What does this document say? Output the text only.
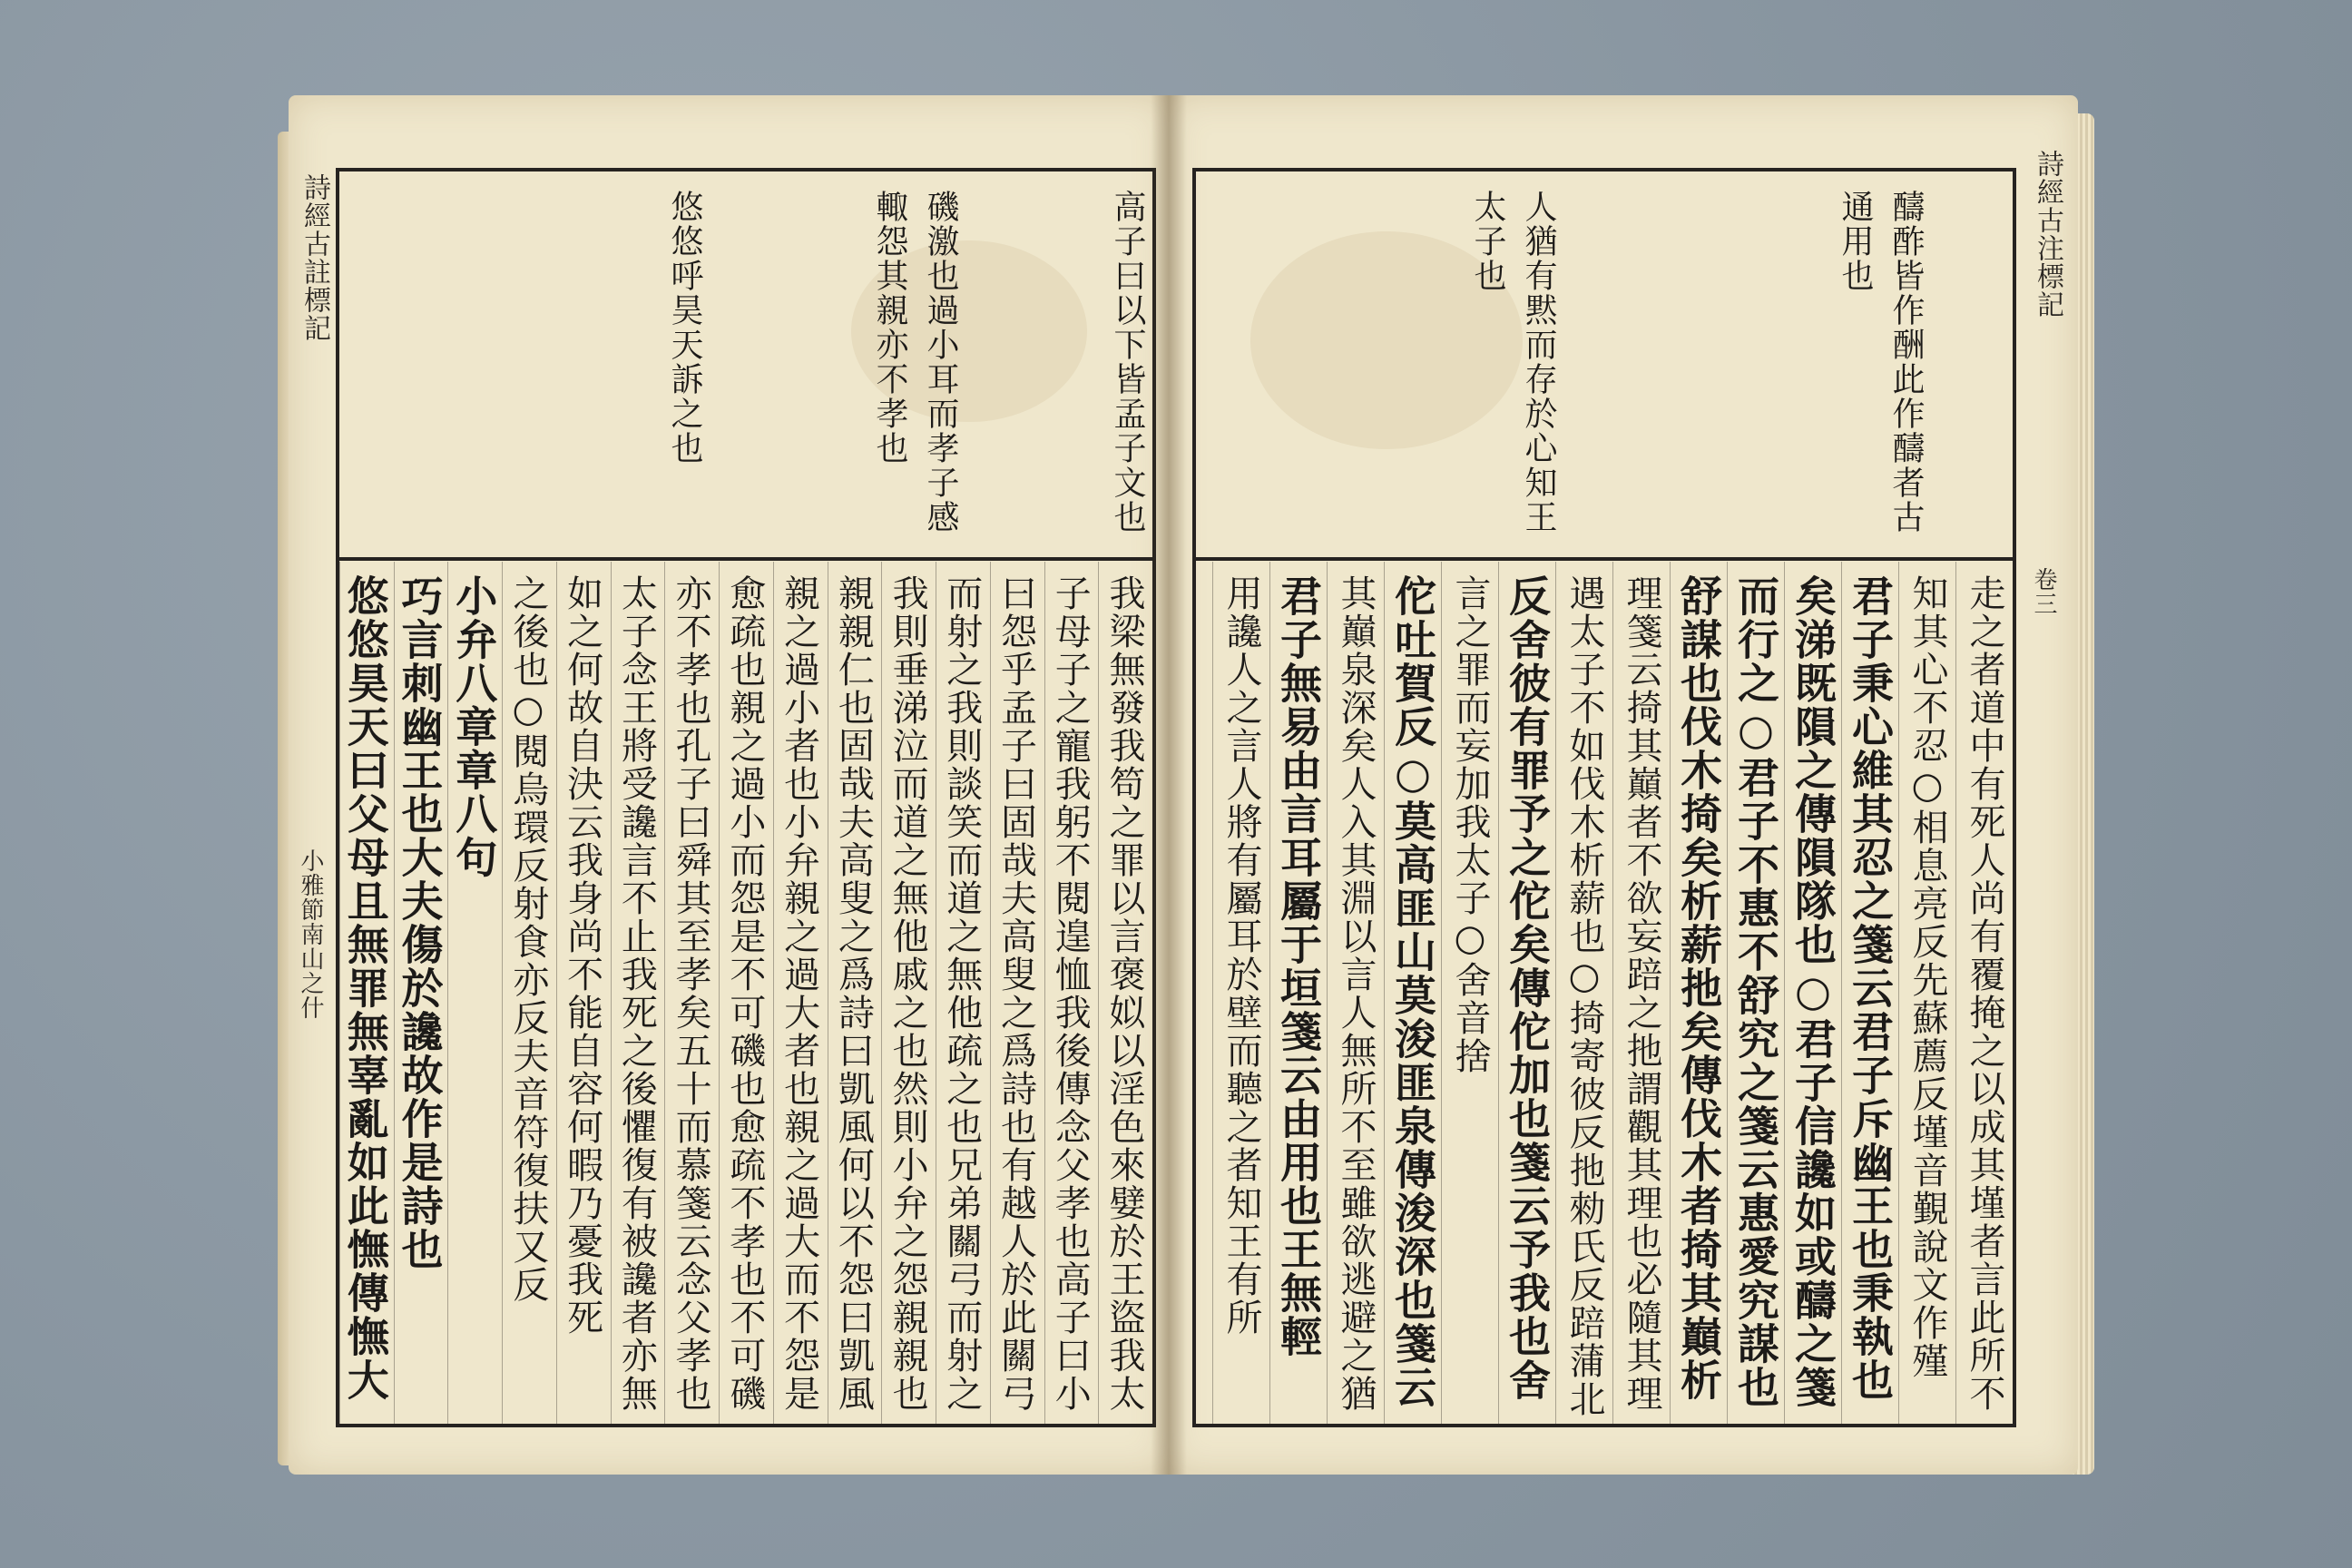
詩經古註標記
小雅節南山之什
高子曰以下皆孟子文也
磯激也過小耳而孝子感
輙怨其親亦不孝也
悠悠呼昊天訴之也
我梁無發我笱之罪以言褒姒以淫色來嬖於王盜我太
子母子之寵我躬不閱遑恤我後傳念父孝也高子曰小
曰怨乎孟子曰固哉夫高叟之爲詩也有越人於此關弓
而射之我則談笑而道之無他疏之也兄弟關弓而射之
我則垂涕泣而道之無他戚之也然則小弁之怨親親也
親親仁也固哉夫高叟之爲詩曰凱風何以不怨曰凱風
親之過小者也小弁親之過大者也親之過大而不怨是
愈疏也親之過小而怨是不可磯也愈疏不孝也不可磯
亦不孝也孔子曰舜其至孝矣五十而慕箋云念父孝也
太子念王將受讒言不止我死之後懼復有被讒者亦無
如之何故自決云我身尚不能自容何暇乃憂我死
之後也○閱烏環反射食亦反夫音符復扶又反
小弁八章章八句
巧言刺幽王也大夫傷於讒故作是詩也
悠悠昊天曰父母且無罪無辜亂如此憮傳憮大
詩經古注標記
卷三
醻酢皆作酬此作醻者古
通用也
人猶有黙而存於心知王
太子也
走之者道中有死人尚有覆掩之以成其墐者言此所不
知其心不忍○相息亮反先蘇薦反墐音覲說文作殣
君子秉心維其忍之箋云君子斥幽王也秉執也
矣涕既隕之傳隕隊也○君子信讒如或醻之箋
而行之○君子不惠不舒究之箋云惠愛究謀也
舒謀也伐木掎矣析薪扡矣傳伐木者掎其巔析
理箋云掎其巔者不欲妄踣之扡謂觀其理也必隨其理
遇太子不如伐木析薪也○掎寄彼反扡勑氏反踣蒲北
反舍彼有罪予之佗矣傳佗加也箋云予我也舍
言之罪而妄加我太子○舍音捨
佗吐賀反○莫高匪山莫浚匪泉傳浚深也箋云
其巔泉深矣人入其淵以言人無所不至雖欲逃避之猶
君子無易由言耳屬于垣箋云由用也王無輕
用讒人之言人將有屬耳於壁而聽之者知王有所
